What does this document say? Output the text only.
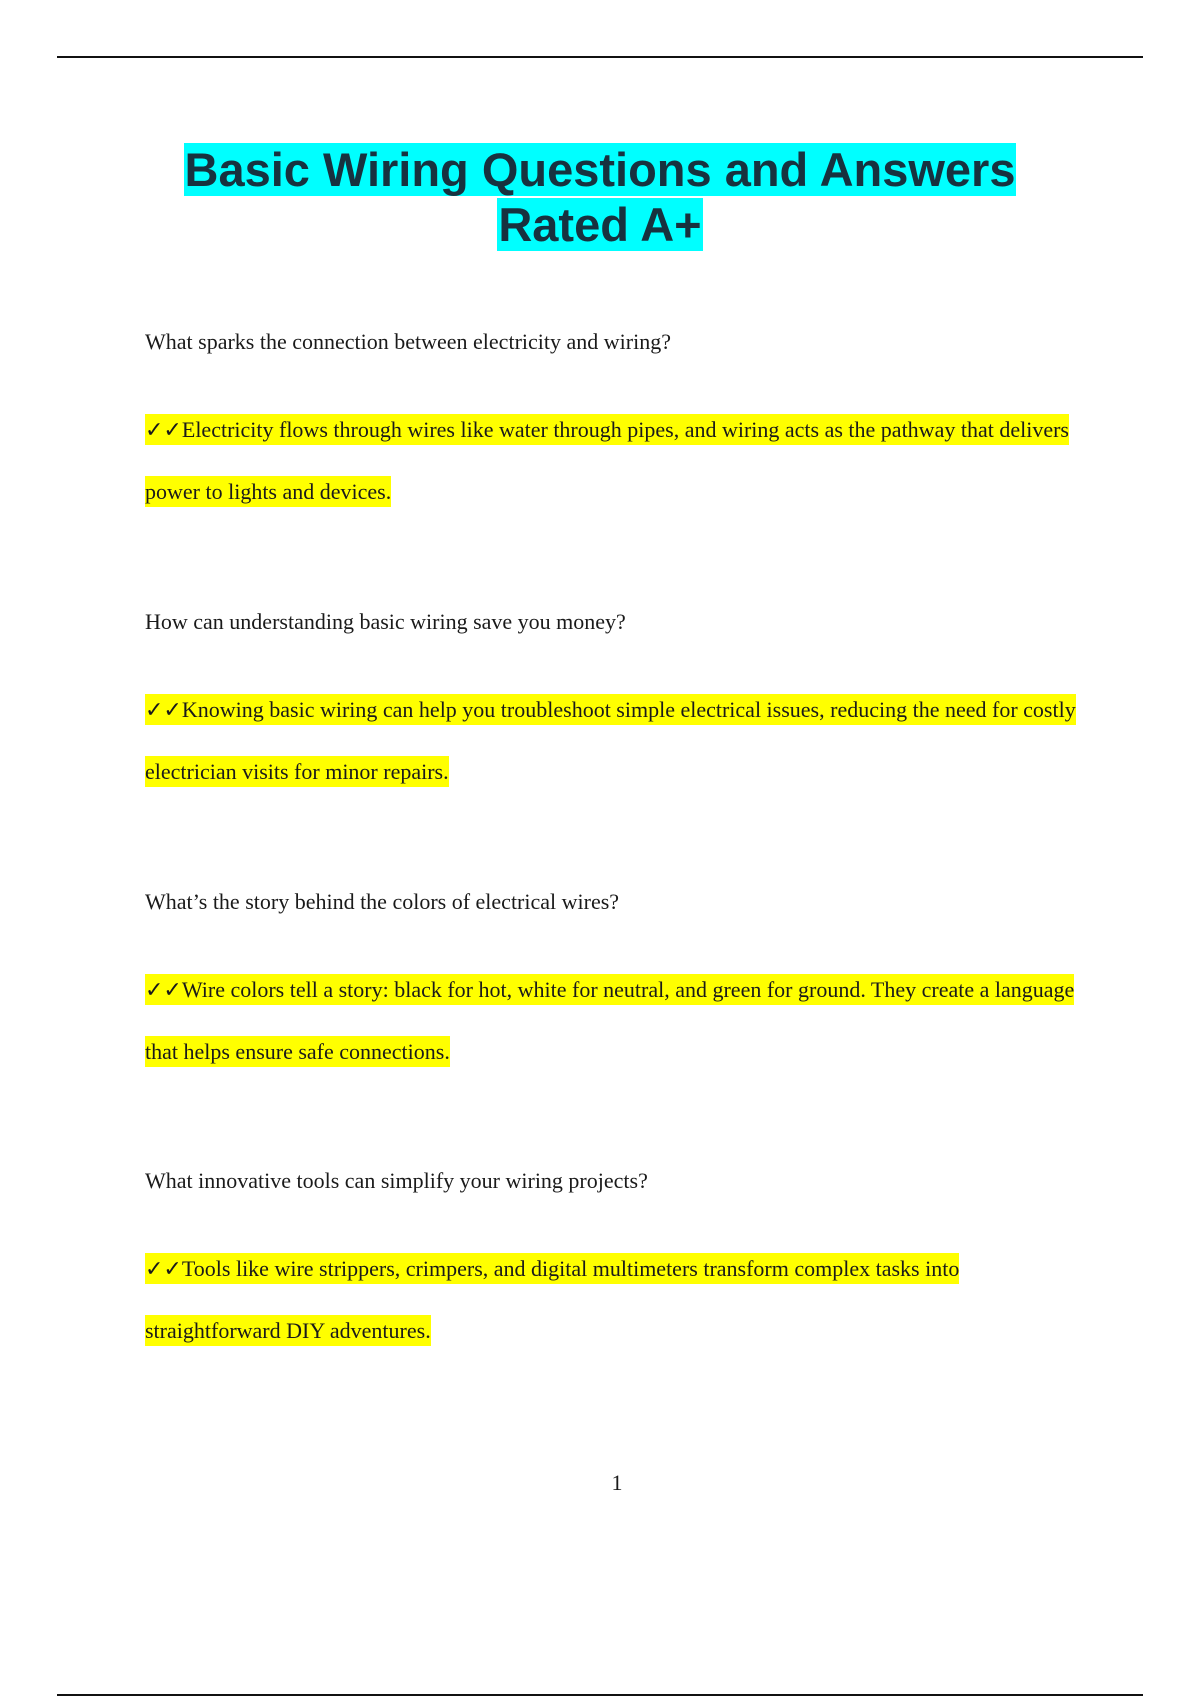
Basic Wiring Questions and Answers
Rated A+

What sparks the connection between electricity and wiring?

✓✓Electricity flows through wires like water through pipes, and wiring acts as the pathway that delivers power to lights and devices.

How can understanding basic wiring save you money?

✓✓Knowing basic wiring can help you troubleshoot simple electrical issues, reducing the need for costly electrician visits for minor repairs.

What’s the story behind the colors of electrical wires?

✓✓Wire colors tell a story: black for hot, white for neutral, and green for ground. They create a language that helps ensure safe connections.

What innovative tools can simplify your wiring projects?

✓✓Tools like wire strippers, crimpers, and digital multimeters transform complex tasks into straightforward DIY adventures.

1
